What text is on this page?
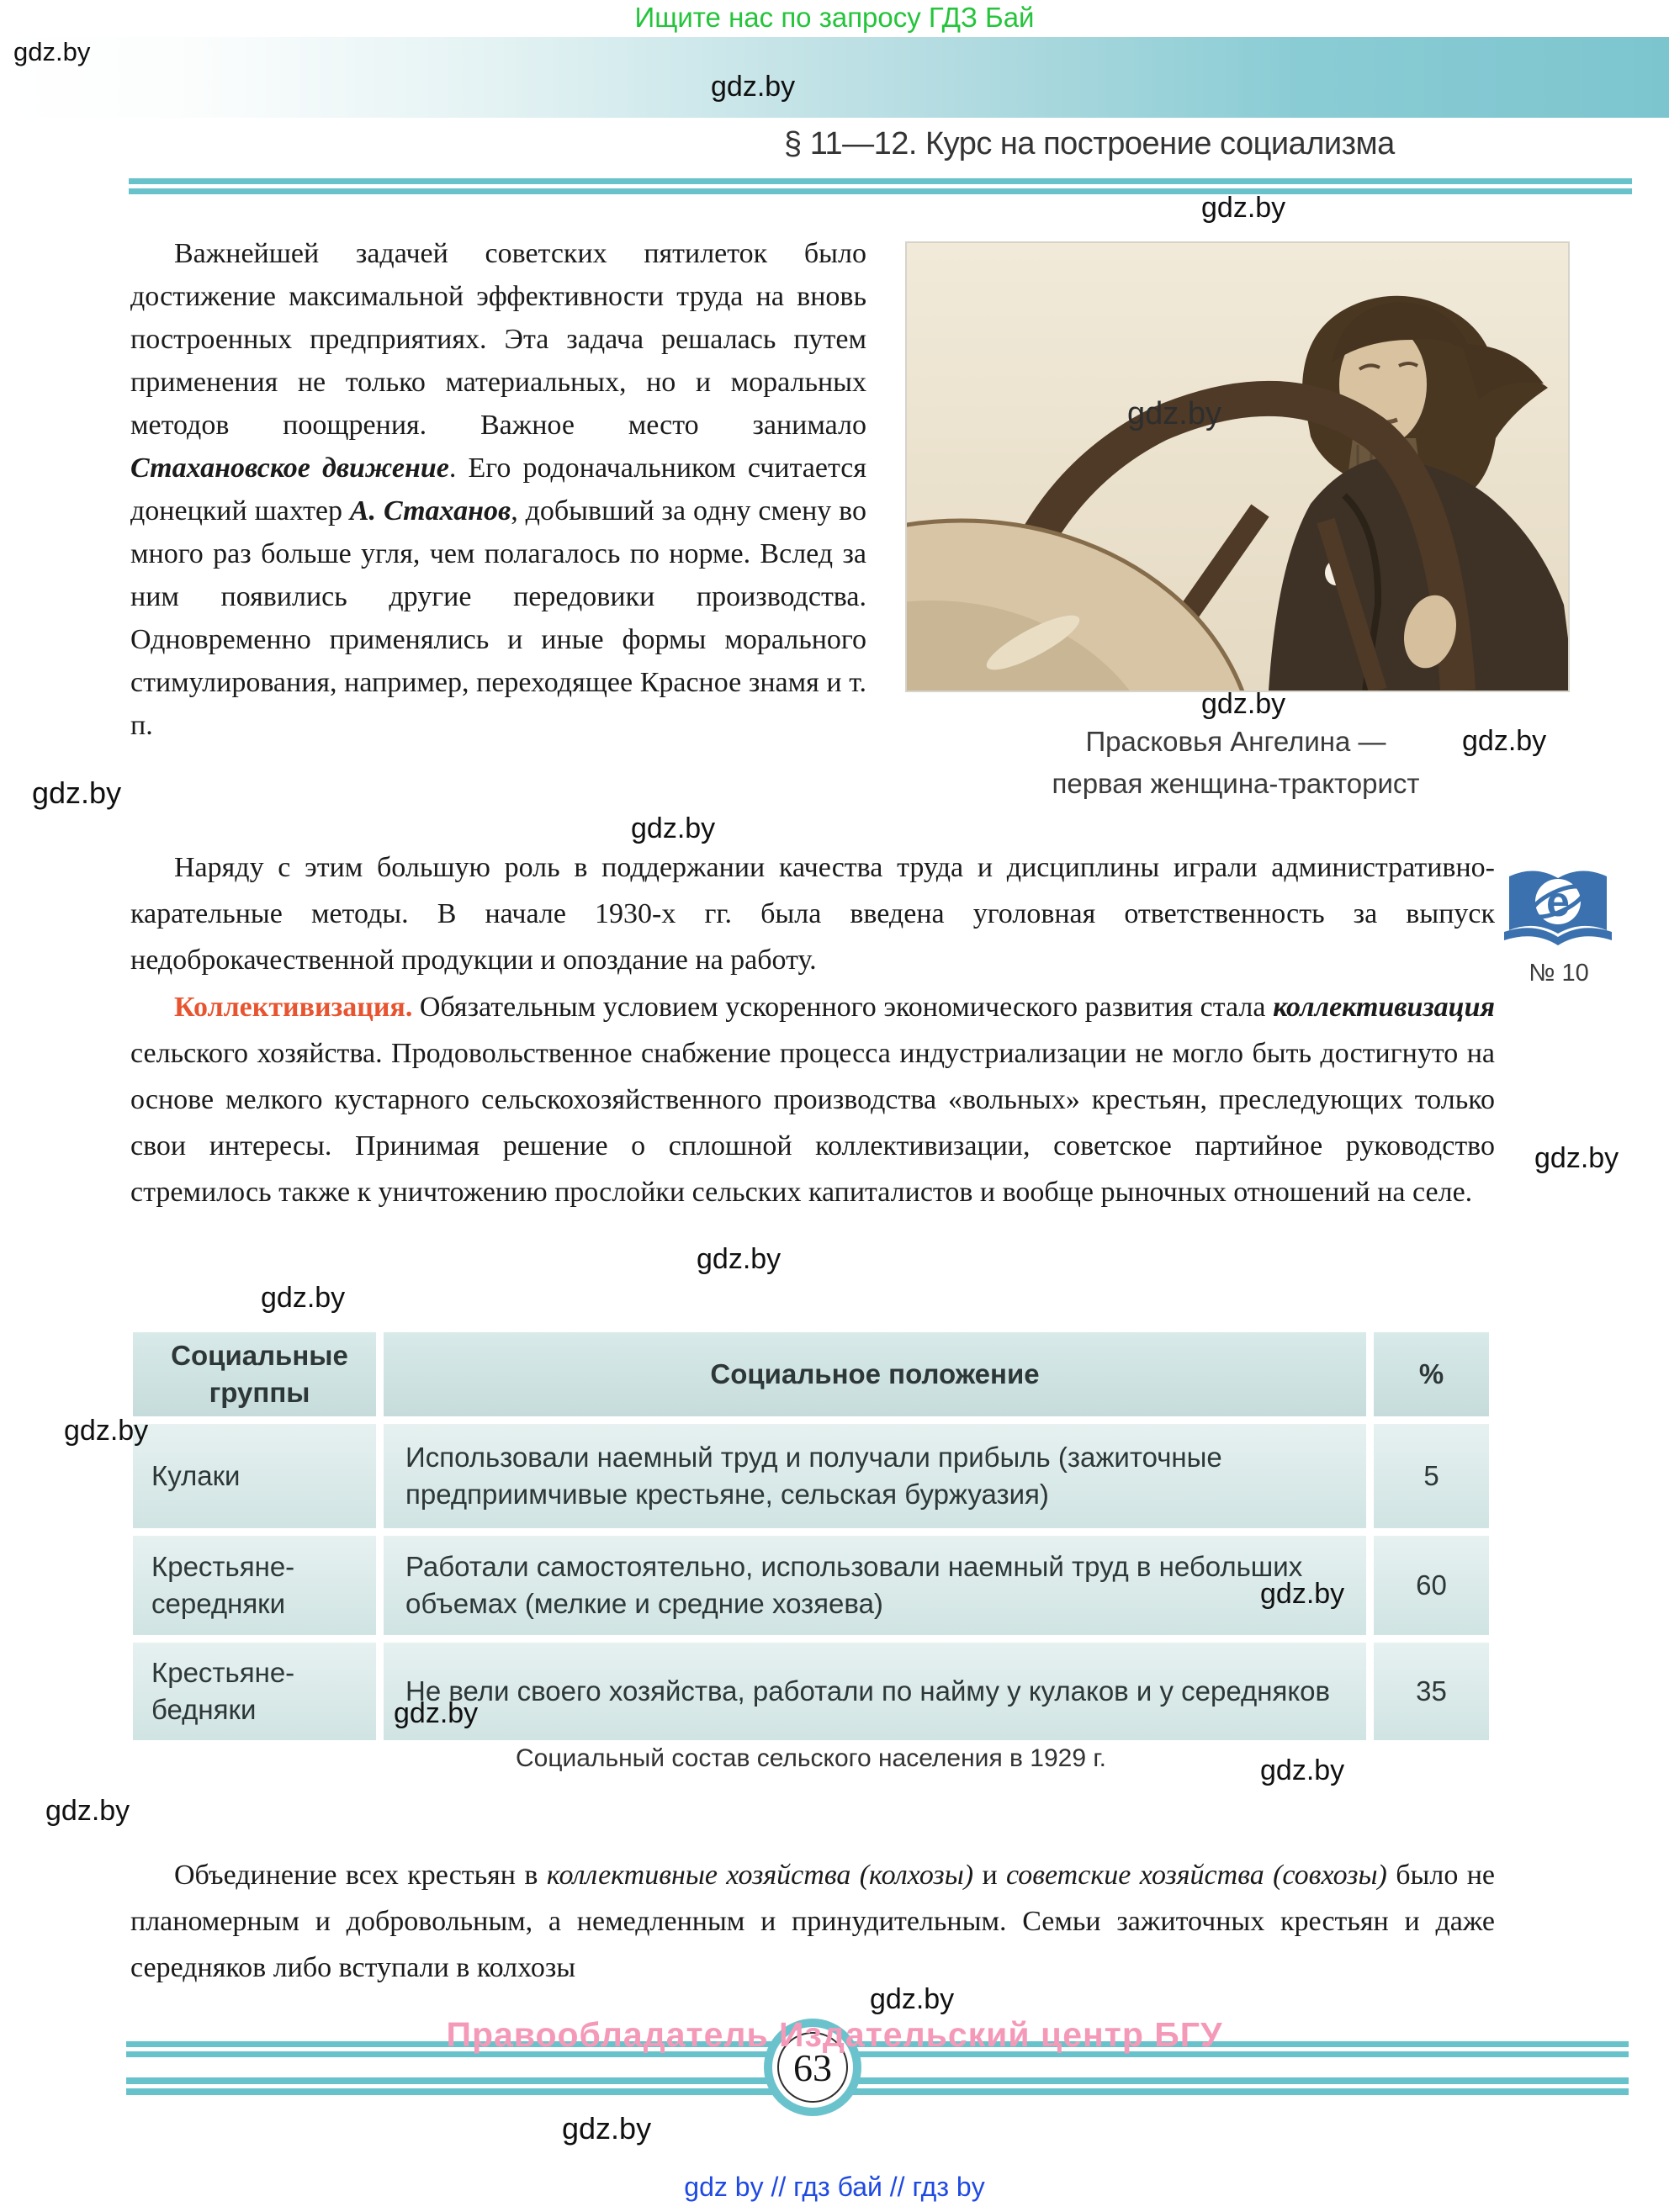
Ищите нас по запросу ГДЗ Бай
§ 11—12. Курс на построение социализма

Важнейшей задачей советских пятилеток было достижение максимальной эффективности труда на вновь построенных предприятиях. Эта задача решалась путем применения не только материальных, но и моральных методов поощрения. Важное место занимало Стахановское движение. Его родоначальником считается донецкий шахтер А. Стаханов, добывший за одну смену во много раз больше угля, чем полагалось по норме. Вслед за ним появились другие передовики производства. Одновременно применялись и иные формы морального стимулирования, например, переходящее Красное знамя и т. п.

gdz.by
Прасковья Ангелина —
первая женщина-тракторист

Наряду с этим большую роль в поддержании качества труда и дисциплины играли административно-карательные методы. В начале 1930-х гг. была введена уголовная ответственность за выпуск недоброкачественной продукции и опоздание на работу.

e
№ 10

Коллективизация. Обязательным условием ускоренного экономического развития стала коллективизация сельского хозяйства. Продовольственное снабжение процесса индустриализации не могло быть достигнуто на основе мелкого кустарного сельскохозяйственного производства «вольных» крестьян, преследующих только свои интересы. Принимая решение о сплошной коллективизации, советское партийное руководство стремилось также к уничтожению прослойки сельских капиталистов и вообще рыночных отношений на селе.

Социальные группы
Социальное положение	%
Кулаки
Использовали наемный труд и получали прибыль (зажиточные предприимчивые крестьяне, сельская буржуазия)
5
Крестьяне-середняки
Работали самостоятельно, использовали наемный труд в небольших объемах (мелкие и средние хозяева)
60
Крестьяне-бедняки
Не вели своего хозяйства, работали по найму у кулаков и у середняков	35
Социальный состав сельского населения в 1929 г.

Объединение всех крестьян в коллективные хозяйства (колхозы) и советские хозяйства (совхозы) было не планомерным и добровольным, а немедленным и принудительным. Семьи зажиточных крестьян и даже середняков либо вступали в колхозы

63
Правообладатель Издательский центр БГУ
gdz by // гдз бай // гдз by
gdz.by
gdz.by
gdz.by
gdz.by
gdz.by
gdz.by
gdz.by
gdz.by
gdz.by
gdz.by
gdz.by
gdz.by
gdz.by
gdz.by
gdz.by
gdz.by
gdz.by
